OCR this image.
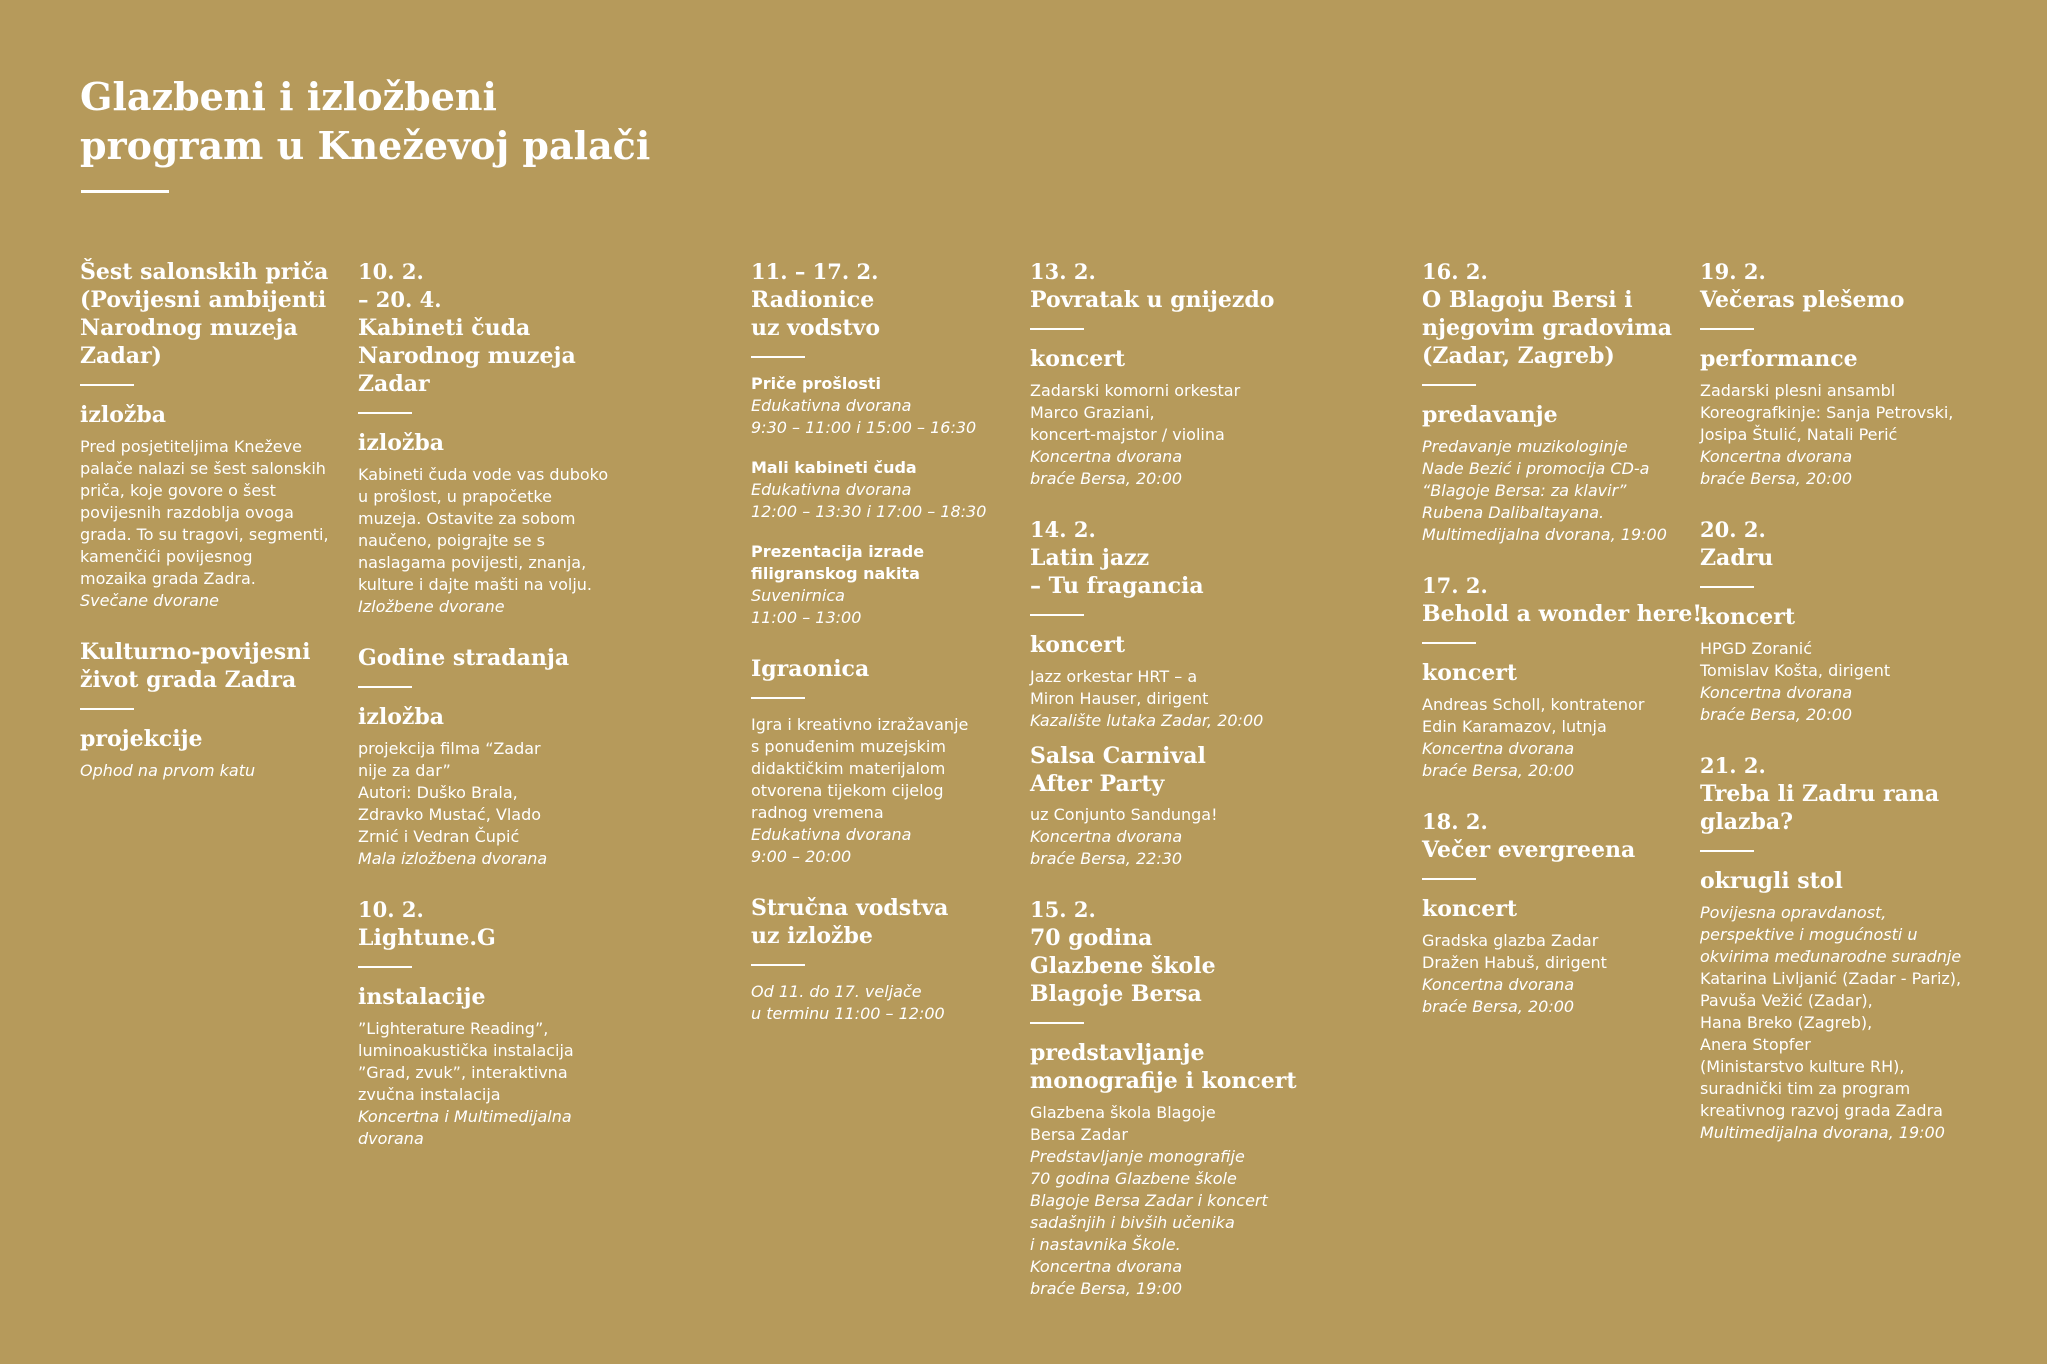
Glazbeni i izložbeni
program u Kneževoj palači
Šest salonskih priča
(Povijesni ambijenti
Narodnog muzeja
Zadar)
izložba

Pred posjetiteljima Kneževe
palače nalazi se šest salonskih
priča, koje govore o šest
povijesnih razdoblja ovoga
grada. To su tragovi, segmenti,
kamenčići povijesnog
mozaika grada Zadra.

Svečane dvorane

Kulturno-povijesni
život grada Zadra
projekcije

Ophod na prvom katu

10. 2.
– 20. 4.
Kabineti čuda
Narodnog muzeja
Zadar
izložba

Kabineti čuda vode vas duboko
u prošlost, u prapočetke
muzeja. Ostavite za sobom
naučeno, poigrajte se s
naslagama povijesti, znanja,
kulture i dajte mašti na volju.

Izložbene dvorane

Godine stradanja
izložba

projekcija filma “Zadar
nije za dar”
Autori: Duško Brala,
Zdravko Mustać, Vlado
Zrnić i Vedran Čupić

Mala izložbena dvorana

10. 2.
Lightune.G
instalacije

”Lighterature Reading”,
luminoakustička instalacija
”Grad, zvuk”, interaktivna
zvučna instalacija

Koncertna i Multimedijalna
dvorana

11. – 17. 2.
Radionice
uz vodstvo

Priče prošlosti

Edukativna dvorana
9:30 – 11:00 i 15:00 – 16:30

Mali kabineti čuda

Edukativna dvorana
12:00 – 13:30 i 17:00 – 18:30

Prezentacija izrade
filigranskog nakita

Suvenirnica
11:00 – 13:00

Igraonica

Igra i kreativno izražavanje
s ponuđenim muzejskim
didaktičkim materijalom
otvorena tijekom cijelog
radnog vremena

Edukativna dvorana
9:00 – 20:00

Stručna vodstva
uz izložbe

Od 11. do 17. veljače
u terminu 11:00 – 12:00

13. 2.
Povratak u gnijezdo
koncert

Zadarski komorni orkestar
Marco Graziani,
koncert-majstor / violina

Koncertna dvorana
braće Bersa, 20:00

14. 2.
Latin jazz
– Tu fragancia
koncert

Jazz orkestar HRT – a
Miron Hauser, dirigent

Kazalište lutaka Zadar, 20:00

Salsa Carnival
After Party

uz Conjunto Sandunga!

Koncertna dvorana
braće Bersa, 22:30

15. 2.
70 godina
Glazbene škole
Blagoje Bersa
predstavljanje
monografije i koncert

Glazbena škola Blagoje
Bersa Zadar

Predstavljanje monografije
70 godina Glazbene škole
Blagoje Bersa Zadar i koncert
sadašnjih i bivših učenika
i nastavnika Škole.
Koncertna dvorana
braće Bersa, 19:00

16. 2.
O Blagoju Bersi i
njegovim gradovima
(Zadar, Zagreb)
predavanje

Predavanje muzikologinje
Nade Bezić i promocija CD-a
“Blagoje Bersa: za klavir”
Rubena Dalibaltayana.
Multimedijalna dvorana, 19:00

17. 2.
Behold a wonder here!
koncert

Andreas Scholl, kontratenor
Edin Karamazov, lutnja

Koncertna dvorana
braće Bersa, 20:00

18. 2.
Večer evergreena
koncert

Gradska glazba Zadar
Dražen Habuš, dirigent

Koncertna dvorana
braće Bersa, 20:00

19. 2.
Večeras plešemo
performance

Zadarski plesni ansambl
Koreografkinje: Sanja Petrovski,
Josipa Štulić, Natali Perić

Koncertna dvorana
braće Bersa, 20:00

20. 2.
Zadru
koncert

HPGD Zoranić
Tomislav Košta, dirigent

Koncertna dvorana
braće Bersa, 20:00

21. 2.
Treba li Zadru rana
glazba?
okrugli stol

Povijesna opravdanost,
perspektive i mogućnosti u
okvirima međunarodne suradnje

Katarina Livljanić (Zadar - Pariz),
Pavuša Vežić (Zadar),
Hana Breko (Zagreb),
Anera Stopfer
(Ministarstvo kulture RH),
suradnički tim za program
kreativnog razvoj grada Zadra

Multimedijalna dvorana, 19:00
